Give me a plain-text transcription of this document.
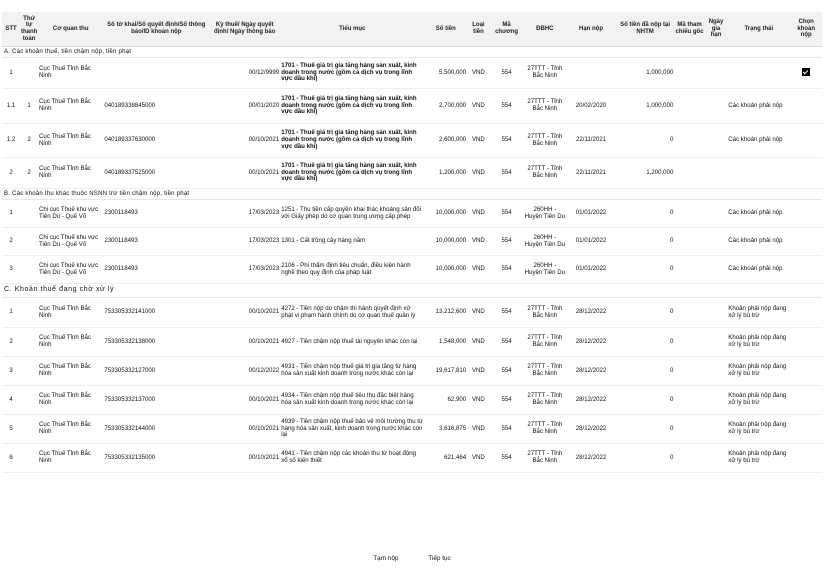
STT	Thứ tự thanh toán	Cơ quan thu	Số tờ khai/Số quyết định/Số thông báo/ID khoản nộp	Kỳ thuế/ Ngày quyết định/ Ngày thông báo	Tiểu mục	Số tiền	Loại tiền	Mã chương	ĐBHC	Hạn nộp	Số tiền đã nộp tại NHTM	Mã tham chiếu gốc	Ngày gia hạn	Trạng thái	Chọn khoản nộp
A. Các khoản thuế, tiền chậm nộp, tiền phạt															
1		Cục Thuế Tỉnh Bắc Ninh		00/12/9999	1701 - Thuế giá trị gia tăng hàng sản xuất, kinh doanh trong nước (gồm cả dịch vụ trong lĩnh vực dầu khí)	5,500,000	VND	554	27TTT - Tỉnh Bắc Ninh		1,000,000				
1.1	1	Cục Thuế Tỉnh Bắc Ninh	040189338845000	00/01/2020	1701 - Thuế giá trị gia tăng hàng sản xuất, kinh doanh trong nước (gồm cả dịch vụ trong lĩnh vực dầu khí)	2,700,000	VND	554	27TTT - Tỉnh Bắc Ninh	20/02/2020	1,000,000			Các khoản phải nộp	
1.2	2	Cục Thuế Tỉnh Bắc Ninh	040189337630000	00/10/2021	1701 - Thuế giá trị gia tăng hàng sản xuất, kinh doanh trong nước (gồm cả dịch vụ trong lĩnh vực dầu khí)	2,600,000	VND	554	27TTT - Tỉnh Bắc Ninh	22/11/2021	0			Các khoản phải nộp	
2	2	Cục Thuế Tỉnh Bắc Ninh	040189337525000	00/10/2021	1701 - Thuế giá trị gia tăng hàng sản xuất, kinh doanh trong nước (gồm cả dịch vụ trong lĩnh vực dầu khí)	1,200,000	VND	554	27TTT - Tỉnh Bắc Ninh	22/11/2021	1,200,000				
B. Các khoản thu khác thuộc NSNN trừ tiền chậm nộp, tiền phạt															
1		Chi cục Thuế khu vực Tiên Du - Quế Võ	2300118493	17/03/2023	1251 - Thu tiền cấp quyền khai thác khoáng sản đối với Giấy phép do cơ quan trung ương cấp phép	10,000,000	VND	554	260HH - Huyện Tiên Du	01/01/2022	0			Các khoản phải nộp	
2		Chi cục Thuế khu vực Tiên Du - Quế Võ	2300118493	17/03/2023	1301 - Cất trồng cây hàng năm	10,000,000	VND	554	260HH - Huyện Tiên Du	01/01/2022	0			Các khoản phải nộp	
3		Chi cục Thuế khu vực Tiên Du - Quế Võ	2300118493	17/03/2023	2106 - Phí thẩm định tiêu chuẩn, điều kiện hành nghề theo quy định của pháp luật	10,000,000	VND	554	260HH - Huyện Tiên Du	01/01/2022	0			Các khoản phải nộp	
C. Khoản thuế đang chờ xử lý															
1		Cục Thuế Tỉnh Bắc Ninh	753305332141000	00/10/2021	4272 - Tiền nộp do chậm thi hành quyết định xử phạt vi phạm hành chính do cơ quan thuế quản lý	13,212,600	VND	554	27TTT - Tỉnh Bắc Ninh	28/12/2022	0			Khoản phải nộp đang xử lý bù trừ	
2		Cục Thuế Tỉnh Bắc Ninh	753305332138000	00/10/2021	4927 - Tiền chậm nộp thuế tài nguyên khác còn lại	1,548,000	VND	554	27TTT - Tỉnh Bắc Ninh	28/12/2022	0			Khoản phải nộp đang xử lý bù trừ	
3		Cục Thuế Tỉnh Bắc Ninh	753305332127000	00/12/2022	4931 - Tiền chậm nộp thuế giá trị gia tăng từ hàng hóa sản xuất kinh doanh trong nước khác còn lại	19,617,810	VND	554	27TTT - Tỉnh Bắc Ninh	28/12/2022	0			Khoản phải nộp đang xử lý bù trừ	
4		Cục Thuế Tỉnh Bắc Ninh	753305332137000	00/10/2021	4934 - Tiền chậm nộp thuế tiêu thụ đặc biệt hàng hóa sản xuất kinh doanh trong nước khác còn lại	62,900	VND	554	27TTT - Tỉnh Bắc Ninh	28/12/2022	0			Khoản phải nộp đang xử lý bù trừ	
5		Cục Thuế Tỉnh Bắc Ninh	753305332144000	00/10/2021	4939 - Tiền chậm nộp thuế bảo vệ môi trường thu từ hàng hóa sản xuất, kinh doanh trong nước khác còn lại	3,616,875	VND	554	27TTT - Tỉnh Bắc Ninh	28/12/2022	0			Khoản phải nộp đang xử lý bù trừ	
6		Cục Thuế Tỉnh Bắc Ninh	753305332135000	00/10/2021	4941 - Tiền chậm nộp các khoản thu từ hoạt động xổ số kiến thiết	621,464	VND	554	27TTT - Tỉnh Bắc Ninh	28/12/2022	0			Khoản phải nộp đang xử lý bù trừ	
Tạm nộp	Tiếp tục
